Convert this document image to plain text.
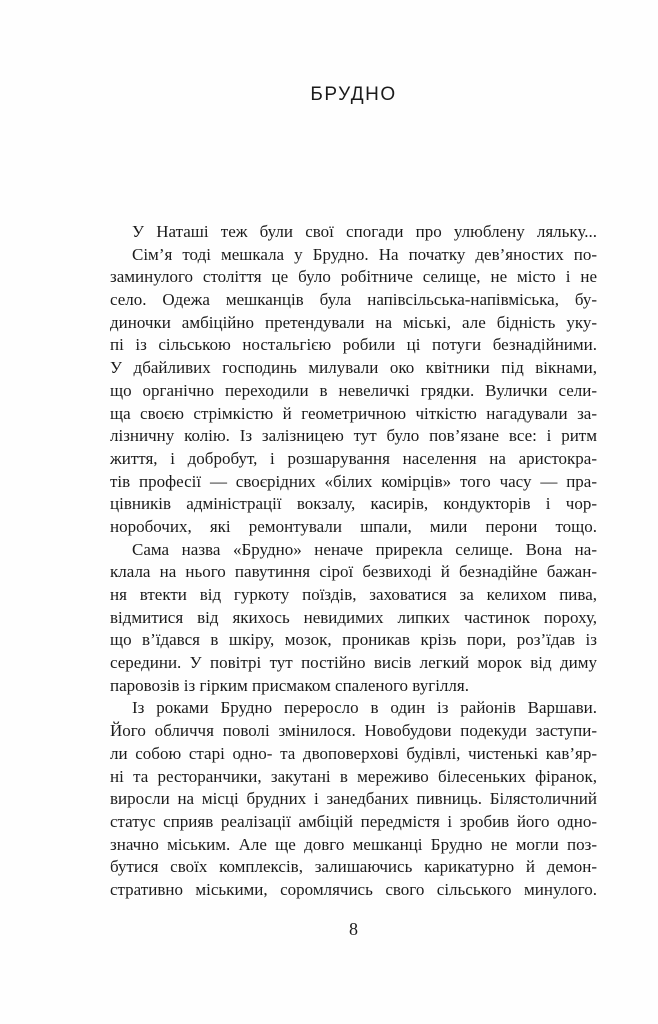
БРУДНО
У Наташі теж були свої спогади про улюблену ляльку...
Сім’я тоді мешкала у Брудно. На початку дев’яностих по-
заминулого століття це було робітниче селище, не місто і не
село. Одежа мешканців була напівсільська-напівміська, бу-
диночки амбіційно претендували на міські, але бідність уку-
пі із сільською ностальгією робили ці потуги безнадійними.
У дбайливих господинь милували око квітники під вікнами,
що органічно переходили в невеличкі грядки. Вулички сели-
ща своєю стрімкістю й геометричною чіткістю нагадували за-
лізничну колію. Із залізницею тут було пов’язане все: і ритм
життя, і добробут, і розшарування населення на аристокра-
тів професії — своєрідних «білих комірців» того часу — пра-
цівників адміністрації вокзалу, касирів, кондукторів і чор-
норобочих, які ремонтували шпали, мили перони тощо.
Сама назва «Брудно» неначе прирекла селище. Вона на-
клала на нього павутиння сірої безвиході й безнадійне бажан-
ня втекти від гуркоту поїздів, заховатися за келихом пива,
відмитися від якихось невидимих липких частинок пороху,
що в’їдався в шкіру, мозок, проникав крізь пори, роз’їдав із
середини. У повітрі тут постійно висів легкий морок від диму
паровозів із гірким присмаком спаленого вугілля.
Із роками Брудно переросло в один із районів Варшави.
Його обличчя поволі змінилося. Новобудови подекуди заступи-
ли собою старі одно- та двоповерхові будівлі, чистенькі кав’яр-
ні та ресторанчики, закутані в мереживо білесеньких фіранок,
виросли на місці брудних і занедбаних пивниць. Білястоличний
статус сприяв реалізації амбіцій передмістя і зробив його одно-
значно міським. Але ще довго мешканці Брудно не могли поз-
бутися своїх комплексів, залишаючись карикатурно й демон-
стративно міськими, соромлячись свого сільського минулого.
8
